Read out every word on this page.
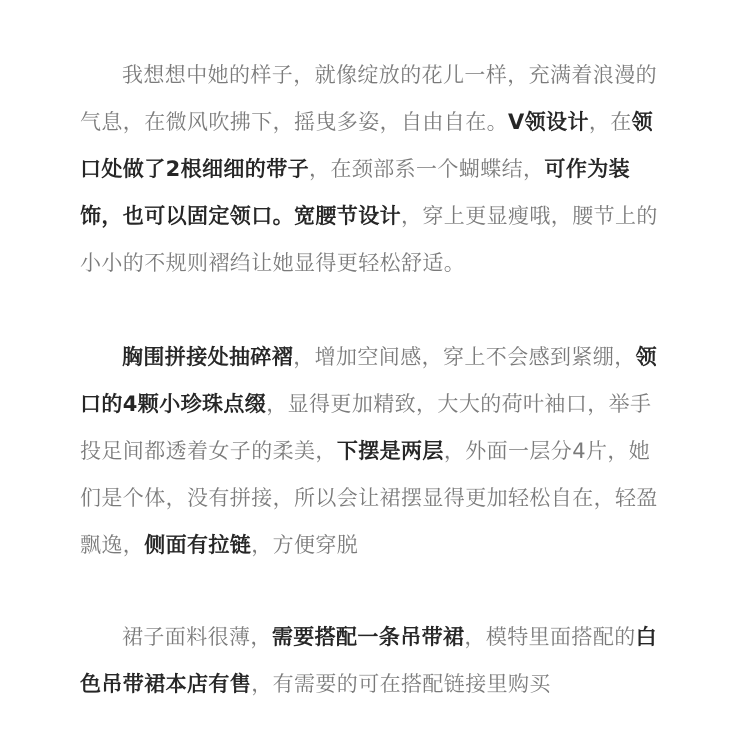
我想想中她的样子，就像绽放的花儿一样，充满着浪漫的气息，在微风吹拂下，摇曳多姿，自由自在。V领设计，在领口处做了2根细细的带子，在颈部系一个蝴蝶结，可作为装饰，也可以固定领口。宽腰节设计，穿上更显瘦哦，腰节上的小小的不规则褶绉让她显得更轻松舒适。

胸围拼接处抽碎褶，增加空间感，穿上不会感到紧绷，领口的4颗小珍珠点缀，显得更加精致，大大的荷叶袖口，举手投足间都透着女子的柔美，下摆是两层，外面一层分4片，她们是个体，没有拼接，所以会让裙摆显得更加轻松自在，轻盈飘逸，侧面有拉链，方便穿脱

裙子面料很薄，需要搭配一条吊带裙，模特里面搭配的白色吊带裙本店有售，有需要的可在搭配链接里购买
